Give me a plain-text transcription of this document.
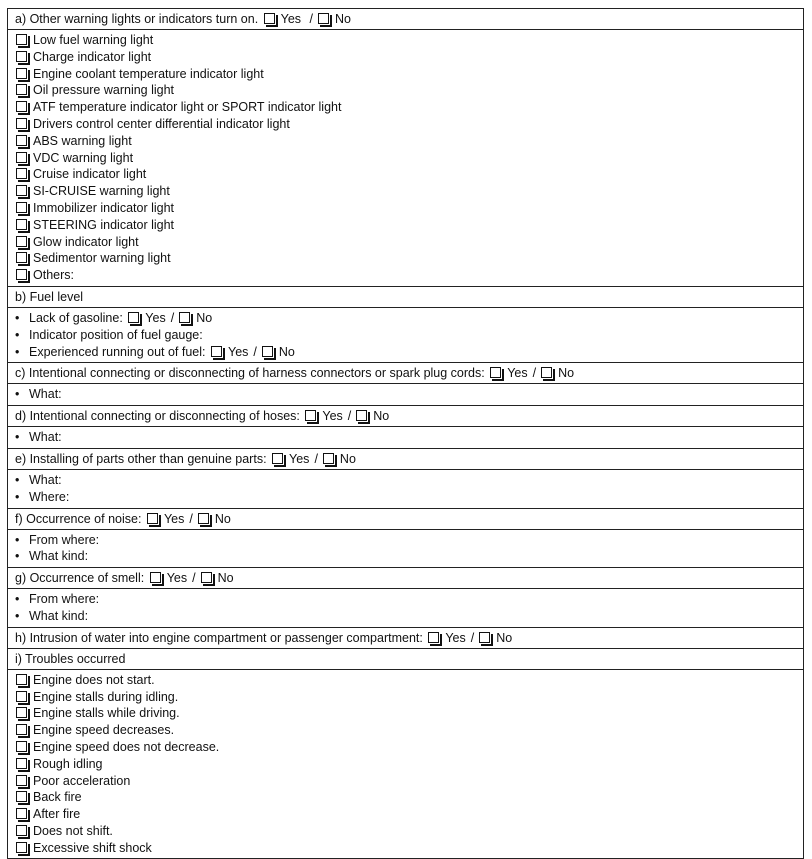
a) Other warning lights or indicators turn on. Yes / No
Low fuel warning light
Charge indicator light
Engine coolant temperature indicator light
Oil pressure warning light
ATF temperature indicator light or SPORT indicator light
Drivers control center differential indicator light
ABS warning light
VDC warning light
Cruise indicator light
SI-CRUISE warning light
Immobilizer indicator light
STEERING indicator light
Glow indicator light
Sedimentor warning light
Others:
b) Fuel level
• Lack of gasoline: Yes / No
• Indicator position of fuel gauge:
• Experienced running out of fuel: Yes / No
c) Intentional connecting or disconnecting of harness connectors or spark plug cords: Yes / No
• What:
d) Intentional connecting or disconnecting of hoses: Yes / No
• What:
e) Installing of parts other than genuine parts: Yes / No
• What:
• Where:
f) Occurrence of noise: Yes / No
• From where:
• What kind:
g) Occurrence of smell: Yes / No
• From where:
• What kind:
h) Intrusion of water into engine compartment or passenger compartment: Yes / No
i) Troubles occurred
Engine does not start.
Engine stalls during idling.
Engine stalls while driving.
Engine speed decreases.
Engine speed does not decrease.
Rough idling
Poor acceleration
Back fire
After fire
Does not shift.
Excessive shift shock
